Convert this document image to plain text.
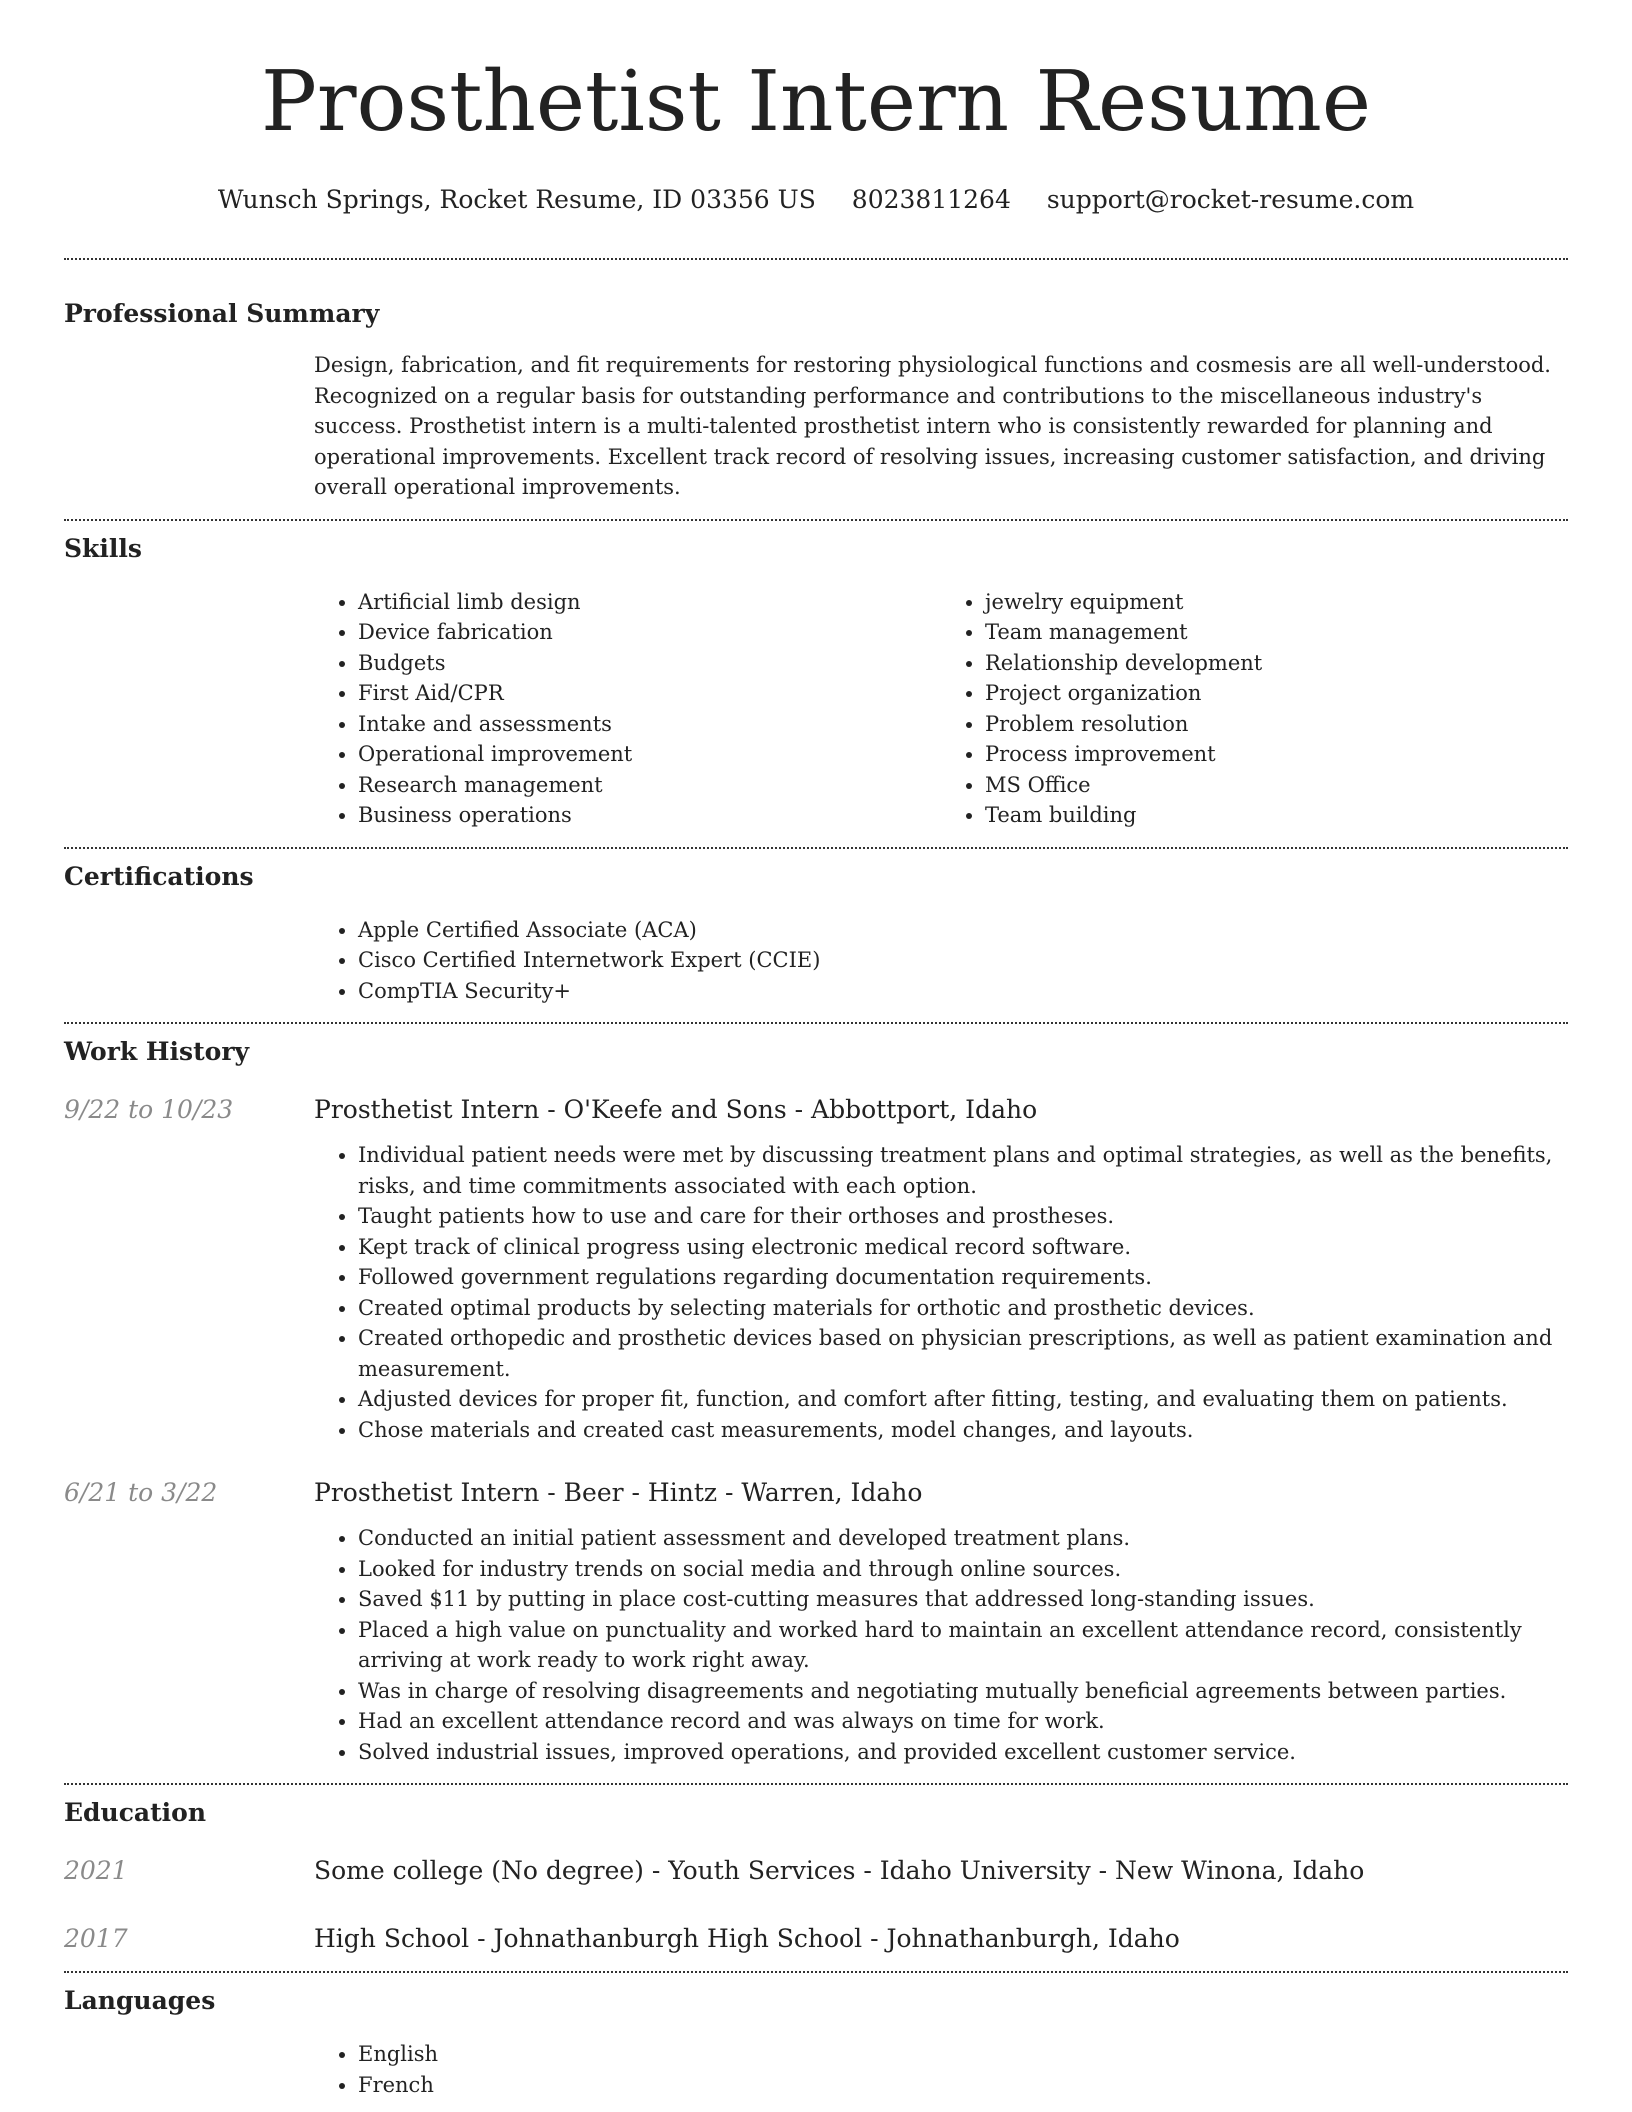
Prosthetist Intern Resume
Wunsch Springs, Rocket Resume, ID 03356 US 8023811264 support@rocket-resume.com
Professional Summary

Design, fabrication, and fit requirements for restoring physiological functions and cosmesis are all well-understood. Recognized on a regular basis for outstanding performance and contributions to the miscellaneous industry's success. Prosthetist intern is a multi-talented prosthetist intern who is consistently rewarded for planning and operational improvements. Excellent track record of resolving issues, increasing customer satisfaction, and driving overall operational improvements.

Skills
• Artificial limb design
• Device fabrication
• Budgets
• First Aid/CPR
• Intake and assessments
• Operational improvement
• Research management
• Business operations
• jewelry equipment
• Team management
• Relationship development
• Project organization
• Problem resolution
• Process improvement
• MS Office
• Team building
Certifications
• Apple Certified Associate (ACA)
• Cisco Certified Internetwork Expert (CCIE)
• CompTIA Security+
Work History
9/22 to 10/23	Prosthetist Intern - O'Keefe and Sons - Abbottport, Idaho
• Individual patient needs were met by discussing treatment plans and optimal strategies, as well as the benefits, risks, and time commitments associated with each option.
• Taught patients how to use and care for their orthoses and prostheses.
• Kept track of clinical progress using electronic medical record software.
• Followed government regulations regarding documentation requirements.
• Created optimal products by selecting materials for orthotic and prosthetic devices.
• Created orthopedic and prosthetic devices based on physician prescriptions, as well as patient examination and measurement.
• Adjusted devices for proper fit, function, and comfort after fitting, testing, and evaluating them on patients.
• Chose materials and created cast measurements, model changes, and layouts.
6/21 to 3/22	Prosthetist Intern - Beer - Hintz - Warren, Idaho
• Conducted an initial patient assessment and developed treatment plans.
• Looked for industry trends on social media and through online sources.
• Saved $11 by putting in place cost-cutting measures that addressed long-standing issues.
• Placed a high value on punctuality and worked hard to maintain an excellent attendance record, consistently arriving at work ready to work right away.
• Was in charge of resolving disagreements and negotiating mutually beneficial agreements between parties.
• Had an excellent attendance record and was always on time for work.
• Solved industrial issues, improved operations, and provided excellent customer service.
Education
2021	Some college (No degree) - Youth Services - Idaho University - New Winona, Idaho
2017	High School - Johnathanburgh High School - Johnathanburgh, Idaho
Languages
• English
• French
